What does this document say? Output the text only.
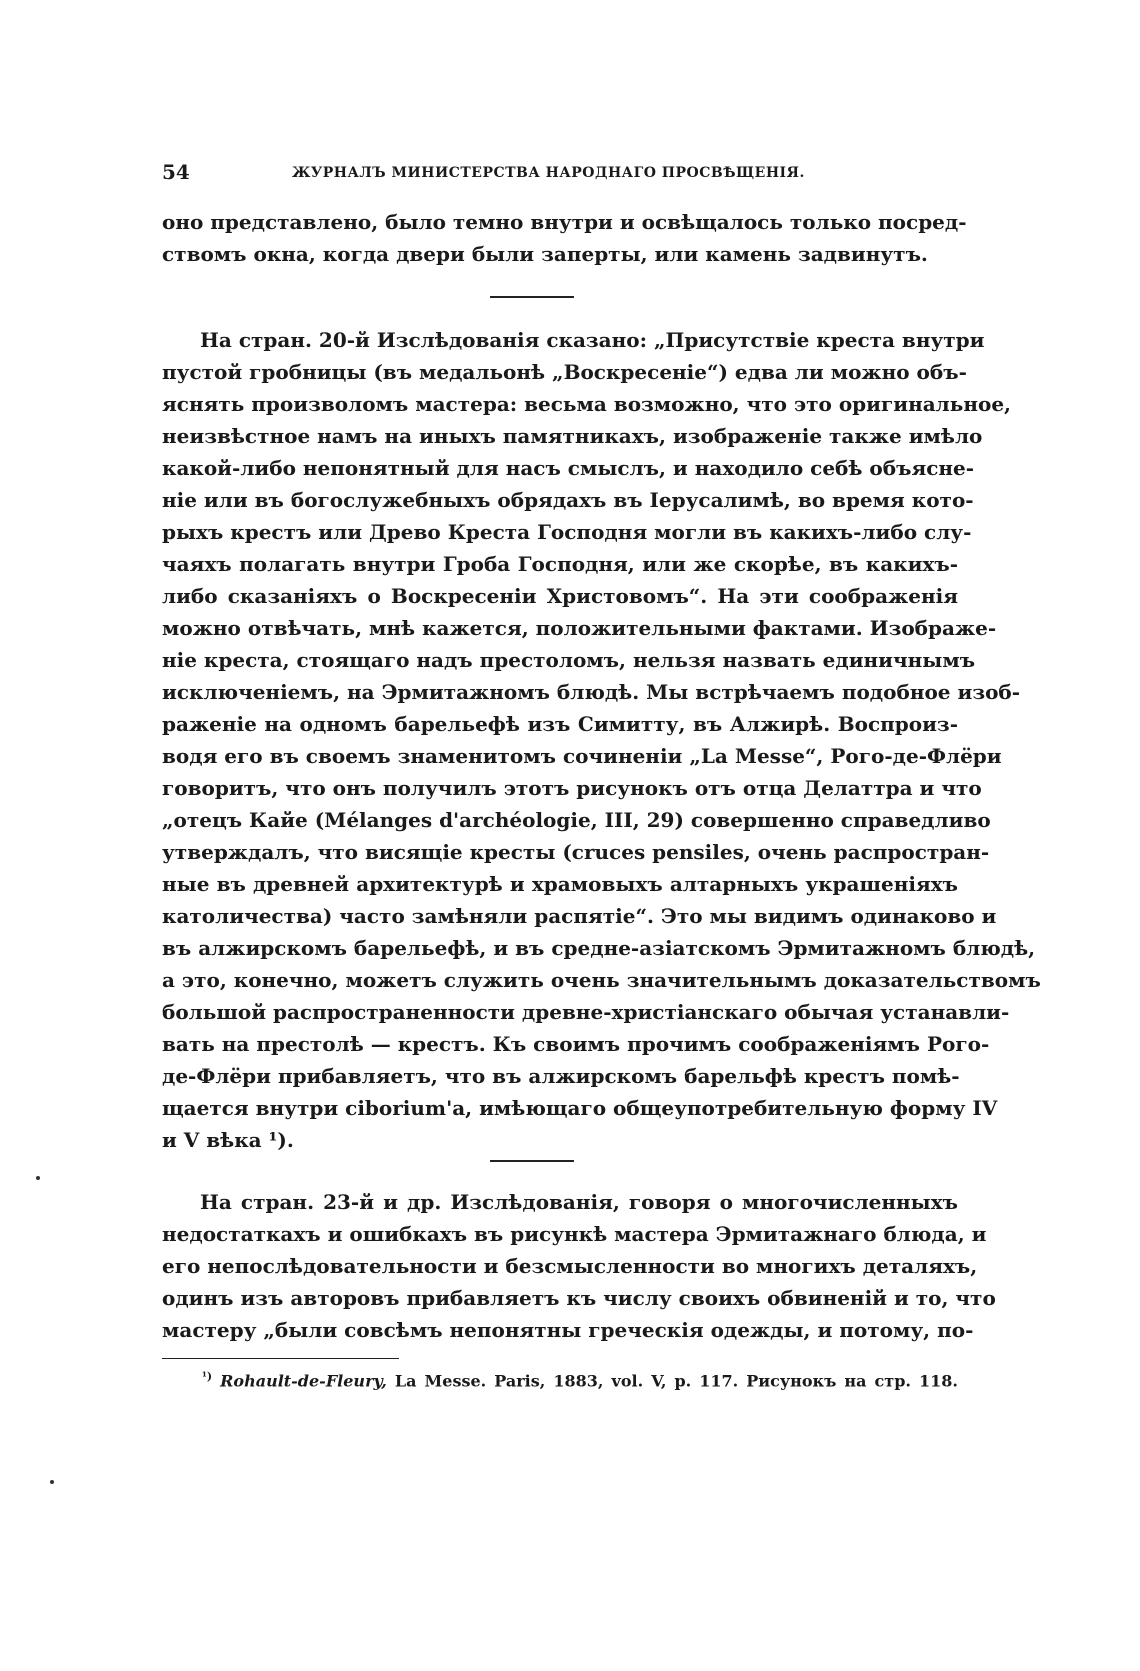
54	ЖУРНАЛЪ МИНИСТЕРСТВА НАРОДНАГО ПРОСВѢЩЕНІЯ.
оно представлено, было темно внутри и освѣщалось только посред-
ствомъ окна, когда двери были заперты, или камень задвинутъ.
На стран. 20-й Изслѣдованія сказано: „Присутствіе креста внутри
пустой гробницы (въ медальонѣ „Воскресеніе“) едва ли можно объ-
яснять произволомъ мастера: весьма возможно, что это оригинальное,
неизвѣстное намъ на иныхъ памятникахъ, изображеніе также имѣло
какой-либо непонятный для насъ смыслъ, и находило себѣ объясне-
ніе или въ богослужебныхъ обрядахъ въ Іерусалимѣ, во время кото-
рыхъ крестъ или Древо Креста Господня могли въ какихъ-либо слу-
чаяхъ полагать внутри Гроба Господня, или же скорѣе, въ какихъ-
либо сказаніяхъ о Воскресеніи Христовомъ“. На эти соображенія
можно отвѣчать, мнѣ кажется, положительными фактами. Изображе-
ніе креста, стоящаго надъ престоломъ, нельзя назвать единичнымъ
исключеніемъ, на Эрмитажномъ блюдѣ. Мы встрѣчаемъ подобное изоб-
раженіе на одномъ барельефѣ изъ Симитту, въ Алжирѣ. Воспроиз-
водя его въ своемъ знаменитомъ сочиненіи „La Messe“, Рого-де-Флёри
говоритъ, что онъ получилъ этотъ рисунокъ отъ отца Делаттра и что
„отецъ Кайе (Mélanges d'archéologie, III, 29) совершенно справедливо
утверждалъ, что висящіе кресты (cruces pensiles, очень распростран-
ные въ древней архитектурѣ и храмовыхъ алтарныхъ украшеніяхъ
католичества) часто замѣняли распятіе“. Это мы видимъ одинаково и
въ алжирскомъ барельефѣ, и въ средне-азіатскомъ Эрмитажномъ блюдѣ,
а это, конечно, можетъ служить очень значительнымъ доказательствомъ
большой распространенности древне-христіанскаго обычая устанавли-
вать на престолѣ — крестъ. Къ своимъ прочимъ соображеніямъ Рого-
де-Флёри прибавляетъ, что въ алжирскомъ барельфѣ крестъ помѣ-
щается внутри ciborium'a, имѣющаго общеупотребительную форму IV
и V вѣка ¹).
На стран. 23-й и др. Изслѣдованія, говоря о многочисленныхъ
недостаткахъ и ошибкахъ въ рисункѣ мастера Эрмитажнаго блюда, и
его непослѣдовательности и безсмысленности во многихъ деталяхъ,
одинъ изъ авторовъ прибавляетъ къ числу своихъ обвиненій и то, что
мастеру „были совсѣмъ непонятны греческія одежды, и потому, по-
$^{^1)}$ Rohault-de-Fleury, La Messe. Paris, 1883, vol. V, p. 117. Рисунокъ на стр. 118.
